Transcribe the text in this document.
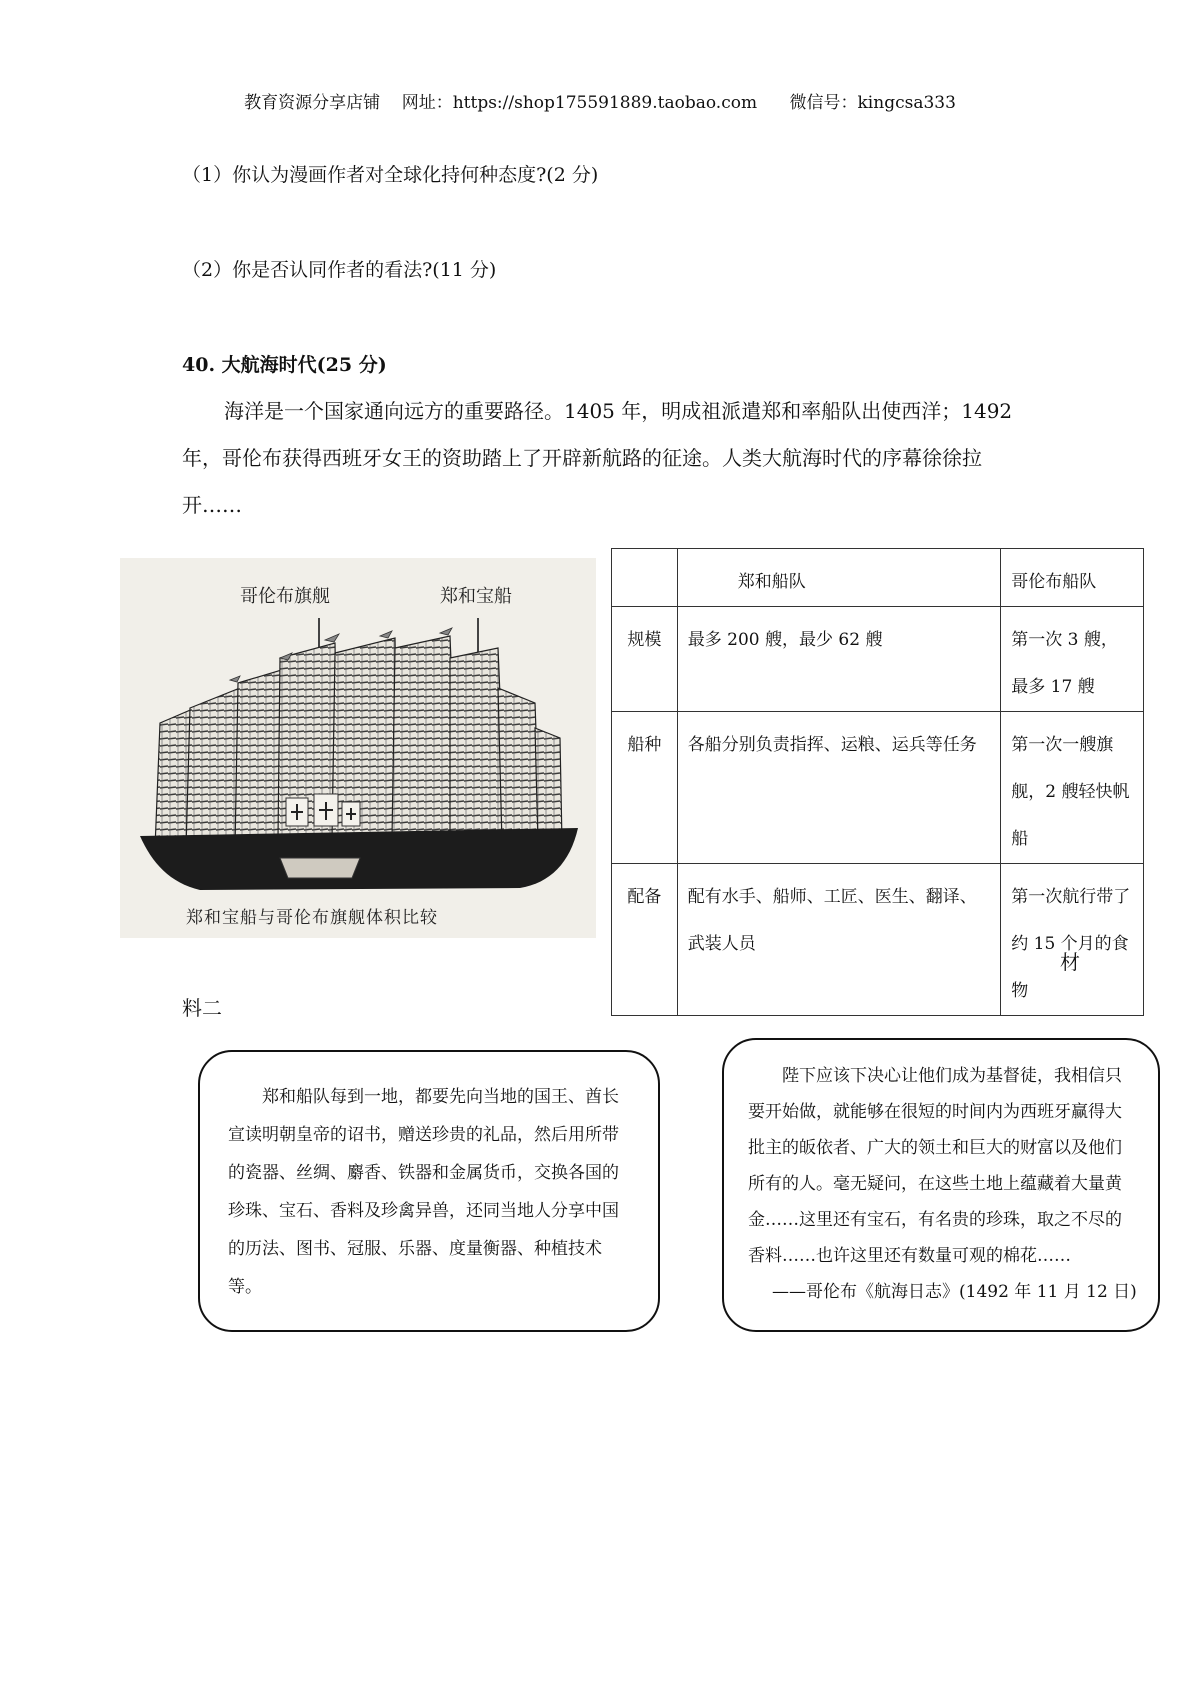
教育资源分享店铺    网址：https://shop175591889.taobao.com      微信号：kingcsa333
（1）你认为漫画作者对全球化持何种态度?(2 分)
（2）你是否认同作者的看法?(11 分)
40. 大航海时代(25 分)
海洋是一个国家通向远方的重要路径。1405 年，明成祖派遣郑和率船队出使西洋；1492 年，哥伦布获得西班牙女王的资助踏上了开辟新航路的征途。人类大航海时代的序幕徐徐拉开……
哥伦布旗舰	郑和宝船
郑和宝船与哥伦布旗舰体积比较
	郑和船队	哥伦布船队
规模	最多 200 艘，最少 62 艘	第一次 3 艘，最多 17 艘
船种	各船分别负责指挥、运粮、运兵等任务	第一次一艘旗舰，2 艘轻快帆船
配备	配有水手、船师、工匠、医生、翻译、武装人员	第一次航行带了约 15 个月的食物
材
料二
郑和船队每到一地，都要先向当地的国王、酋长宣读明朝皇帝的诏书，赠送珍贵的礼品，然后用所带的瓷器、丝绸、麝香、铁器和金属货币，交换各国的珍珠、宝石、香料及珍禽异兽，还同当地人分享中国的历法、图书、冠服、乐器、度量衡器、种植技术等。
陛下应该下决心让他们成为基督徒，我相信只要开始做，就能够在很短的时间内为西班牙赢得大批主的皈依者、广大的领土和巨大的财富以及他们所有的人。毫无疑问，在这些土地上蕴藏着大量黄金……这里还有宝石，有名贵的珍珠，取之不尽的香料……也许这里还有数量可观的棉花……
——哥伦布《航海日志》(1492 年 11 月 12 日)
